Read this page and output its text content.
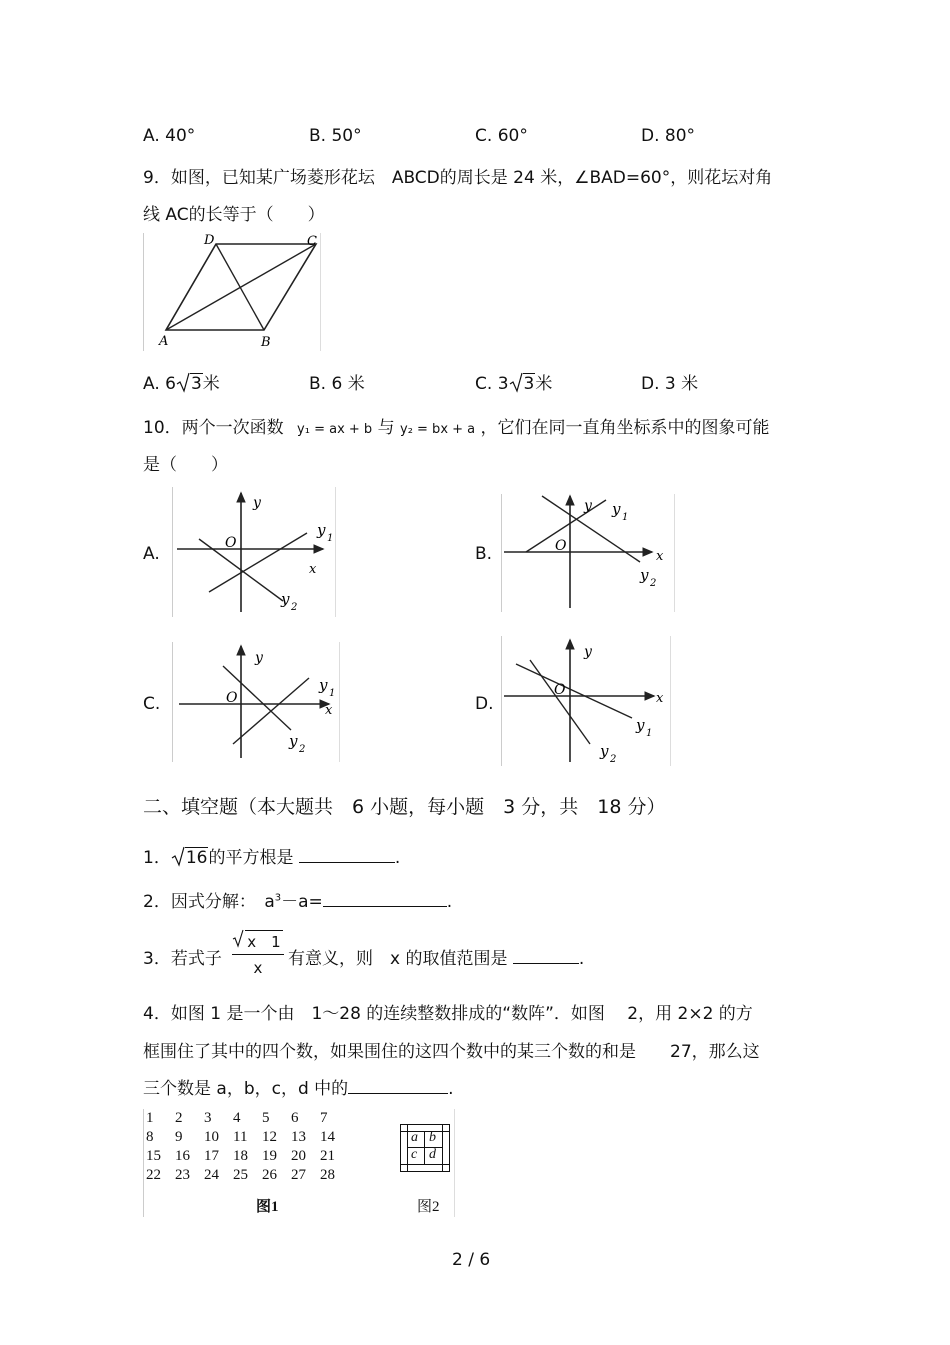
A. 40°	B. 50°	C. 60°	D. 80°
9．如图，已知某广场菱形花坛　ABCD的周长是 24 米，∠BAD=60°，则花坛对角
线 AC的长等于（　　）
D	C
A	B
A. 6 3米	B. 6 米	C. 3 3米	D. 3 米
10．两个一次函数 y₁ = ax + b 与 y₂ = bx + a ，它们在同一直角坐标系中的图象可能
是（　　）
A.
y
O
x
y 1
y 2
B.
y
O
x
y 1
y 2
C.
y
O
x
y 1
y 2
D.
y
O
x
y 1
y 2
二、填空题（本大题共　6 小题，每小题　3 分，共　18 分）
1． 16的平方根是	.
2．因式分解：　$a^3-a=$	.
3．若式子
x　1
x	有意义，则　x 的取值范围是	.
4．如图 1 是一个由　1～28 的连续整数排成的“数阵”．如图　 2，用 2×2 的方
框围住了其中的四个数，如果围住的这四个数中的某三个数的和是　　27，那么这
三个数是 a，b，c，d 中的	.
1	2	3	4	5	6	7
8	9	10	11	12	13	14
15	16	17	18	19	20	21
22	23	24	25	26	27	28
图1	图2
a b
c d
2 / 6
